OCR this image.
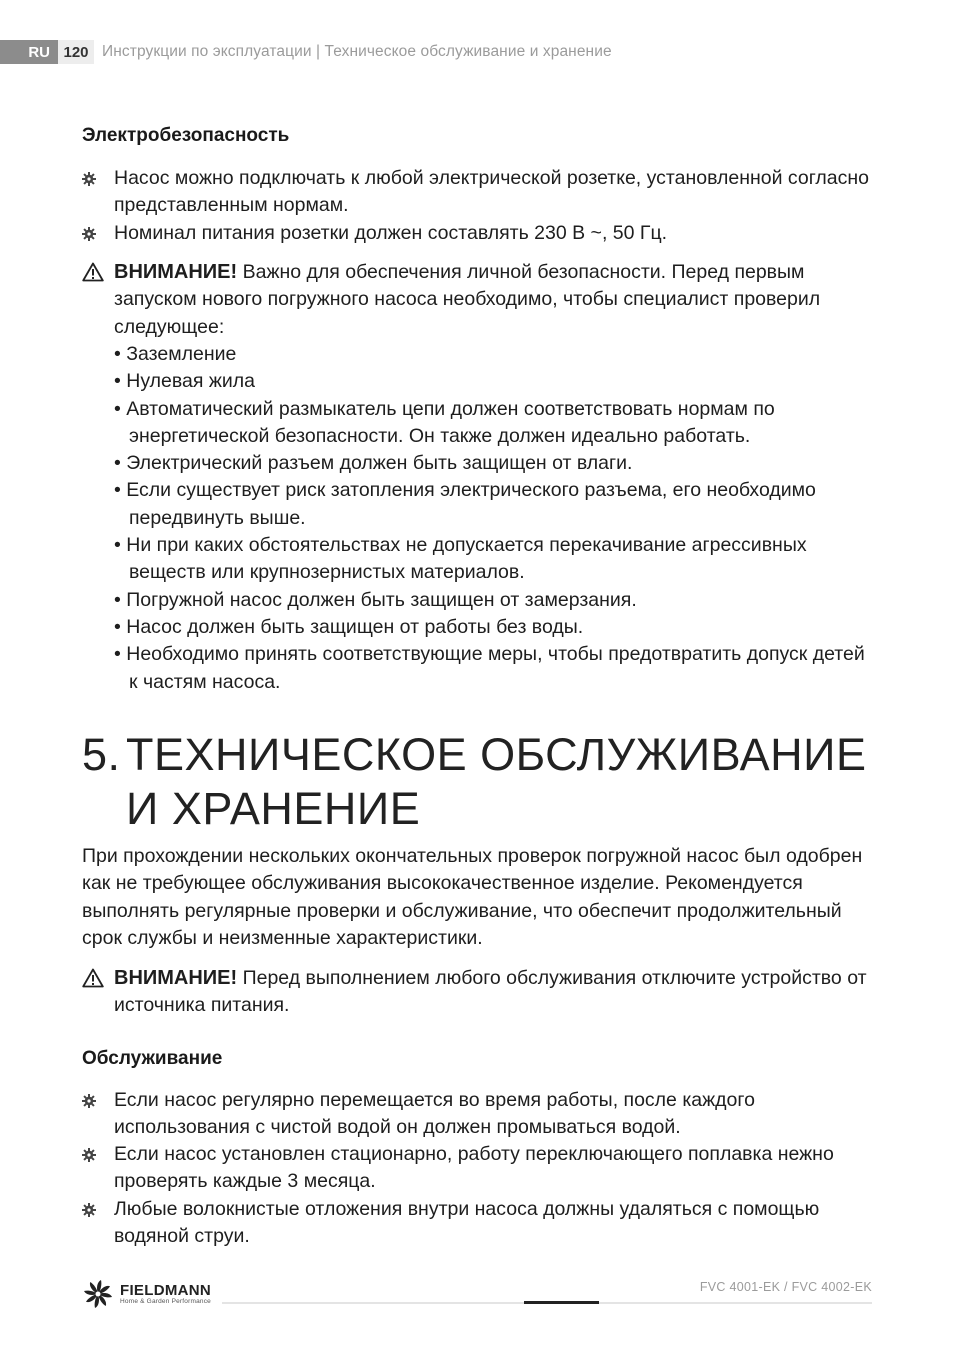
RU 120 Инструкции по эксплуатации | Техническое обслуживание и хранение
Электробезопасность
Насос можно подключать к любой электрической розетке, установленной согласно представленным нормам.
Номинал питания розетки должен составлять 230 В ~, 50 Гц.
ВНИМАНИЕ! Важно для обеспечения личной безопасности. Перед первым запуском нового погружного насоса необходимо, чтобы специалист проверил следующее:
• Заземление
• Нулевая жила
• Автоматический размыкатель цепи должен соответствовать нормам по энергетической безопасности. Он также должен идеально работать.
• Электрический разъем должен быть защищен от влаги.
• Если существует риск затопления электрического разъема, его необходимо передвинуть выше.
• Ни при каких обстоятельствах не допускается перекачивание агрессивных веществ или крупнозернистых материалов.
• Погружной насос должен быть защищен от замерзания.
• Насос должен быть защищен от работы без воды.
• Необходимо принять соответствующие меры, чтобы предотвратить допуск детей к частям насоса.
5. ТЕХНИЧЕСКОЕ ОБСЛУЖИВАНИЕ
И ХРАНЕНИЕ
При прохождении нескольких окончательных проверок погружной насос был одобрен как не требующее обслуживания высококачественное изделие. Рекомендуется выполнять регулярные проверки и обслуживание, что обеспечит продолжительный срок службы и неизменные характеристики.
ВНИМАНИЕ! Перед выполнением любого обслуживания отключите устройство от источника питания.
Обслуживание
Если насос регулярно перемещается во время работы, после каждого использования с чистой водой он должен промываться водой.
Если насос установлен стационарно, работу переключающего поплавка нежно проверять каждые 3 месяца.
Любые волокнистые отложения внутри насоса должны удаляться с помощью водяной струи.
FIELDMANN
Home & Garden Performance
FVC 4001-EK / FVC 4002-EK
